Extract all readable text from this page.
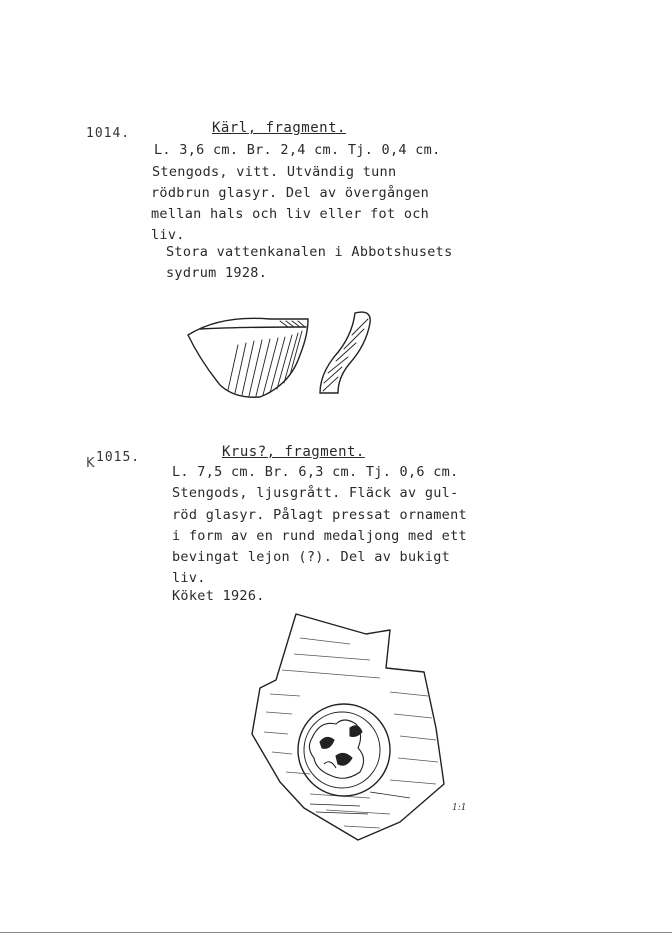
1014.	Kärl, fragment.
L. 3,6 cm. Br. 2,4 cm. Tj. 0,4 cm.
Stengods, vitt. Utvändig tunn
rödbrun glasyr. Del av övergången
mellan hals och liv eller fot och
liv.
Stora vattenkanalen i Abbotshusets
sydrum 1928.
K 1015.	Krus?, fragment.
L. 7,5 cm. Br. 6,3 cm. Tj. 0,6 cm.
Stengods, ljusgrått. Fläck av gul-
röd glasyr. Pålagt pressat ornament
i form av en rund medaljong med ett
bevingat lejon (?). Del av bukigt
liv.
Köket 1926.
1:1
